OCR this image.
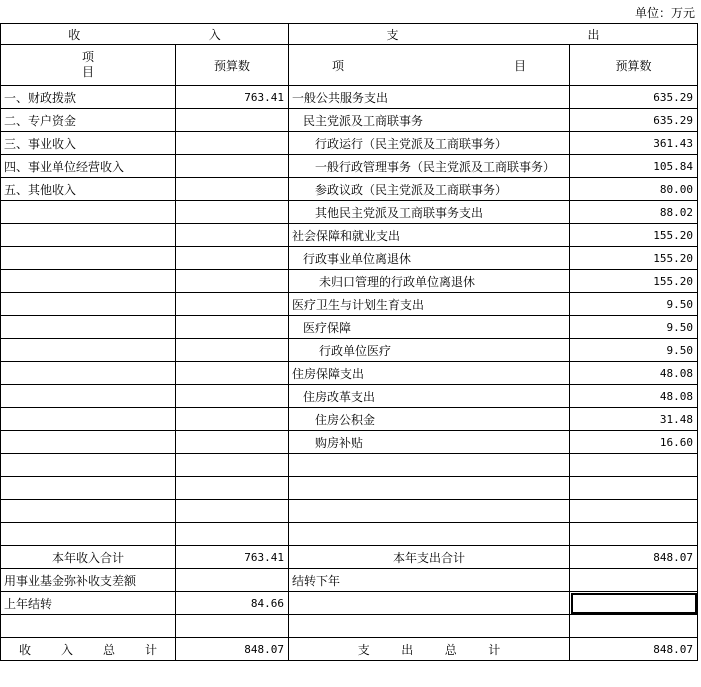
单位：万元
收 入		支 出	

项
目	预算数	项 目	预算数
一、财政拨款	763.41	一般公共服务支出	635.29
二、专户资金		民主党派及工商联事务	635.29
三、事业收入		行政运行（民主党派及工商联事务）	361.43
四、事业单位经营收入		一般行政管理事务（民主党派及工商联事务）	105.84
五、其他收入		参政议政（民主党派及工商联事务）	80.00
		其他民主党派及工商联事务支出	88.02
		社会保障和就业支出	155.20
		行政事业单位离退休	155.20
		未归口管理的行政单位离退休	155.20
		医疗卫生与计划生育支出	9.50
		医疗保障	9.50
		行政单位医疗	9.50
		住房保障支出	48.08
		住房改革支出	48.08
		住房公积金	31.48
		购房补贴	16.60

本年收入合计	763.41	本年支出合计	848.07
用事业基金弥补收支差额		结转下年	
上年结转	84.66		

收 入 总 计	848.07	支 出 总 计	848.07
